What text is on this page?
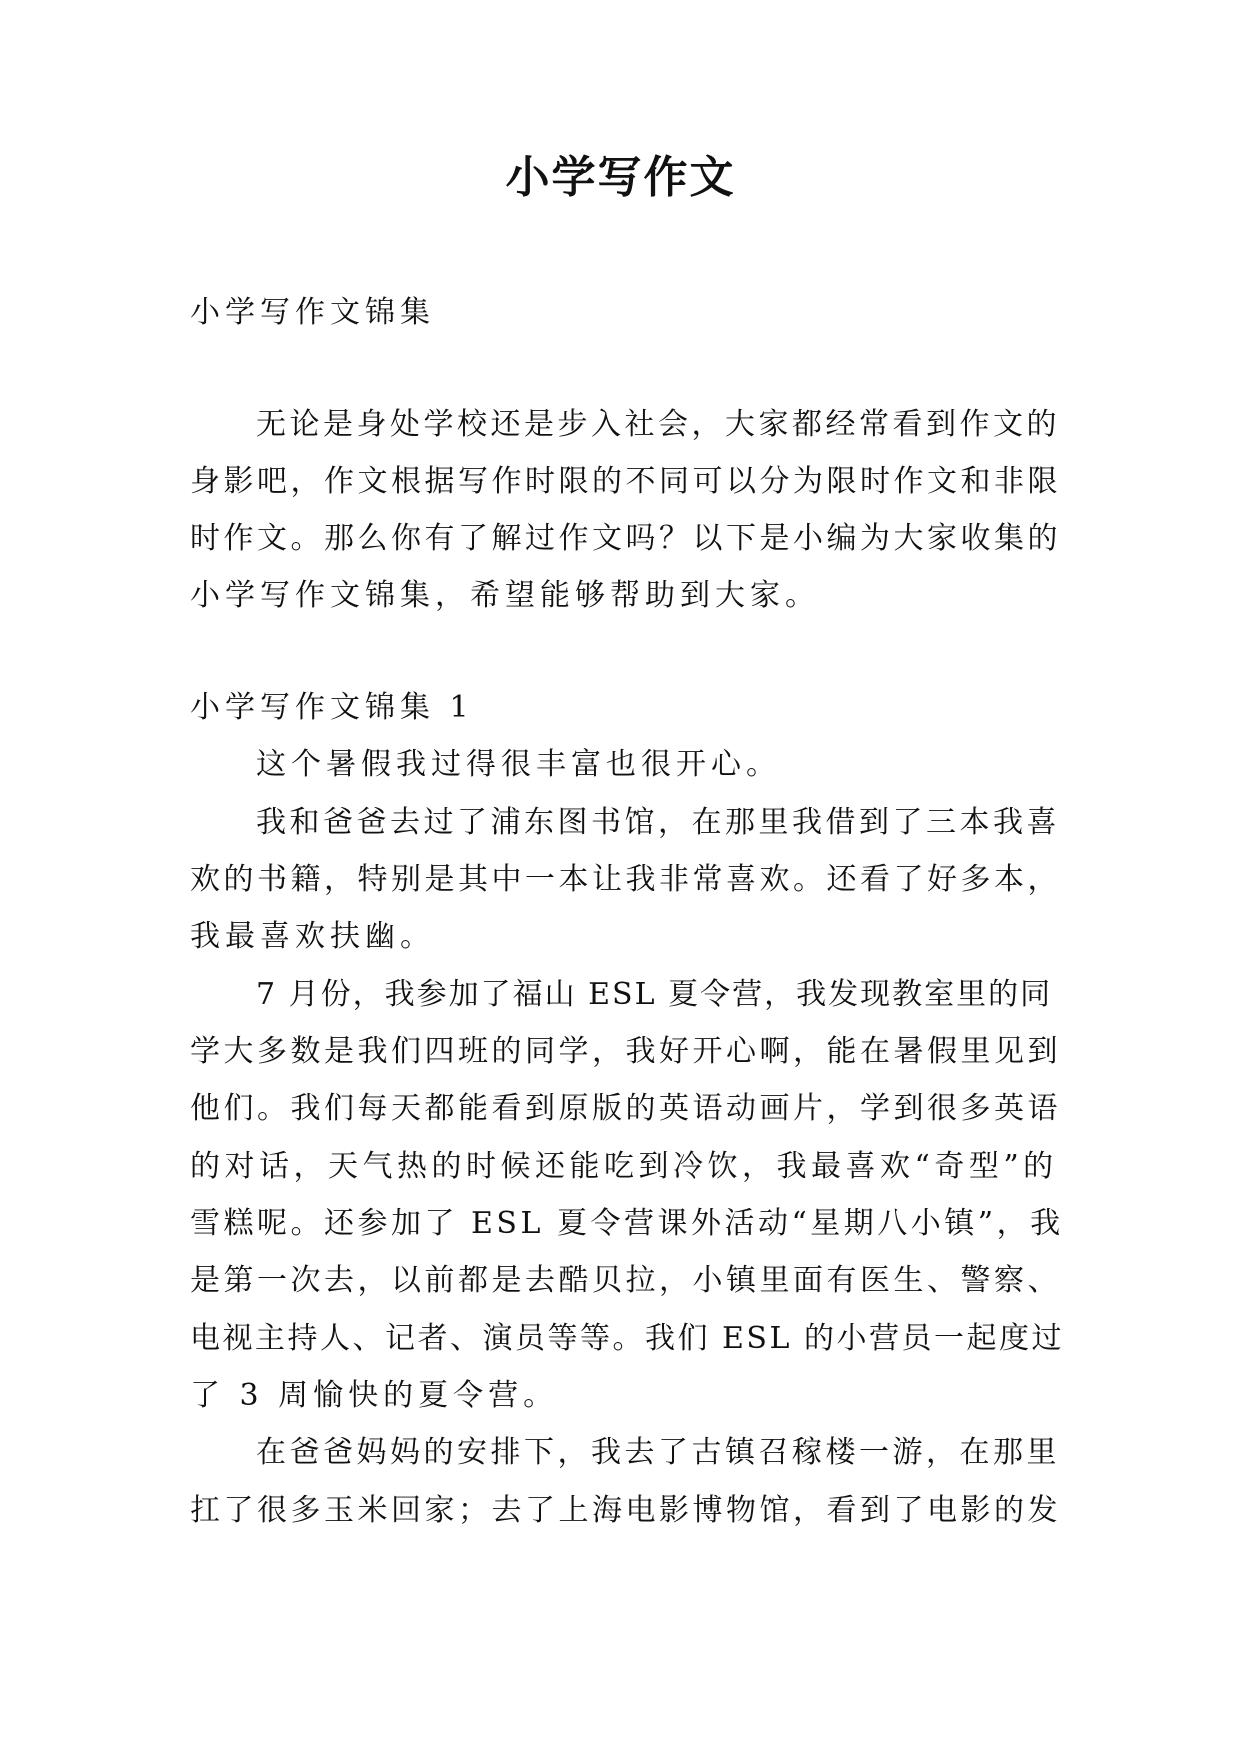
小学写作文
小学写作文锦集
无论是身处学校还是步入社会，大家都经常看到作文的
身影吧，作文根据写作时限的不同可以分为限时作文和非限
时作文。那么你有了解过作文吗？以下是小编为大家收集的
小学写作文锦集，希望能够帮助到大家。
小学写作文锦集 1
这个暑假我过得很丰富也很开心。
我和爸爸去过了浦东图书馆，在那里我借到了三本我喜
欢的书籍，特别是其中一本让我非常喜欢。还看了好多本，
我最喜欢扶幽。
7 月份，我参加了福山 ESL 夏令营，我发现教室里的同
学大多数是我们四班的同学，我好开心啊，能在暑假里见到
他们。我们每天都能看到原版的英语动画片，学到很多英语
的对话，天气热的时候还能吃到冷饮，我最喜欢“奇型”的
雪糕呢。还参加了 ESL 夏令营课外活动“星期八小镇”，我
是第一次去，以前都是去酷贝拉，小镇里面有医生、警察、
电视主持人、记者、演员等等。我们 ESL 的小营员一起度过
了 3 周愉快的夏令营。
在爸爸妈妈的安排下，我去了古镇召稼楼一游，在那里
扛了很多玉米回家；去了上海电影博物馆，看到了电影的发
